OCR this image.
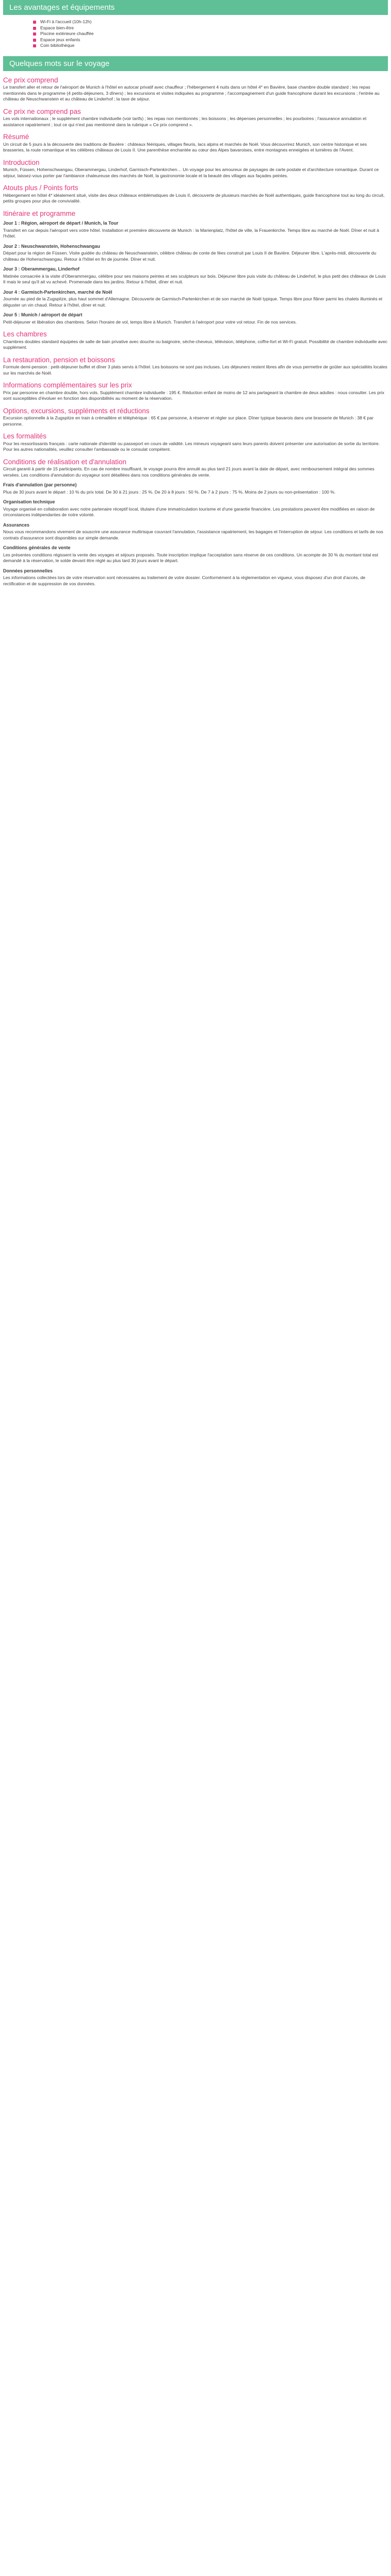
Les avantages et équipements
Wi-Fi à l'accueil (10h-12h)
Espace bien-être
Piscine extérieure chauffée
Espace jeux enfants
Coin bibliothèque
Quelques mots sur le voyage
Ce prix comprend

Le transfert aller et retour de l'aéroport de Munich à l'hôtel en autocar privatif avec chauffeur ; l'hébergement 4 nuits dans un hôtel 4* en Bavière, base chambre double standard ; les repas mentionnés dans le programme (4 petits-déjeuners, 3 dîners) ; les excursions et visites indiquées au programme ; l'accompagnement d'un guide francophone durant les excursions ; l'entrée au château de Neuschwanstein et au château de Linderhof ; la taxe de séjour.

Ce prix ne comprend pas

Les vols internationaux ; le supplément chambre individuelle (voir tarifs) ; les repas non mentionnés ; les boissons ; les dépenses personnelles ; les pourboires ; l'assurance annulation et assistance rapatriement ; tout ce qui n'est pas mentionné dans la rubrique « Ce prix comprend ».

Résumé

Un circuit de 5 jours à la découverte des traditions de Bavière : châteaux féériques, villages fleuris, lacs alpins et marchés de Noël. Vous découvrirez Munich, son centre historique et ses brasseries, la route romantique et les célèbres châteaux de Louis II. Une parenthèse enchantée au cœur des Alpes bavaroises, entre montagnes enneigées et lumières de l'Avent.

Introduction

Munich, Füssen, Hohenschwangau, Oberammergau, Linderhof, Garmisch-Partenkirchen… Un voyage pour les amoureux de paysages de carte postale et d'architecture romantique. Durant ce séjour, laissez-vous porter par l'ambiance chaleureuse des marchés de Noël, la gastronomie locale et la beauté des villages aux façades peintes.

Atouts plus / Points forts

Hébergement en hôtel 4* idéalement situé, visite des deux châteaux emblématiques de Louis II, découverte de plusieurs marchés de Noël authentiques, guide francophone tout au long du circuit, petits groupes pour plus de convivialité.

Itinéraire et programme
Jour 1 : Région, aéroport de départ / Munich, la Tour

Transfert en car depuis l'aéroport vers votre hôtel. Installation et première découverte de Munich : la Marienplatz, l'hôtel de ville, la Frauenkirche. Temps libre au marché de Noël. Dîner et nuit à l'hôtel.

Jour 2 : Neuschwanstein, Hohenschwangau

Départ pour la région de Füssen. Visite guidée du château de Neuschwanstein, célèbre château de conte de fées construit par Louis II de Bavière. Déjeuner libre. L'après-midi, découverte du château de Hohenschwangau. Retour à l'hôtel en fin de journée. Dîner et nuit.

Jour 3 : Oberammergau, Linderhof

Matinée consacrée à la visite d'Oberammergau, célèbre pour ses maisons peintes et ses sculpteurs sur bois. Déjeuner libre puis visite du château de Linderhof, le plus petit des châteaux de Louis II mais le seul qu'il ait vu achevé. Promenade dans les jardins. Retour à l'hôtel, dîner et nuit.

Jour 4 : Garmisch-Partenkirchen, marché de Noël

Journée au pied de la Zugspitze, plus haut sommet d'Allemagne. Découverte de Garmisch-Partenkirchen et de son marché de Noël typique. Temps libre pour flâner parmi les chalets illuminés et déguster un vin chaud. Retour à l'hôtel, dîner et nuit.

Jour 5 : Munich / aéroport de départ

Petit-déjeuner et libération des chambres. Selon l'horaire de vol, temps libre à Munich. Transfert à l'aéroport pour votre vol retour. Fin de nos services.

Les chambres

Chambres doubles standard équipées de salle de bain privative avec douche ou baignoire, sèche-cheveux, télévision, téléphone, coffre-fort et Wi-Fi gratuit. Possibilité de chambre individuelle avec supplément.

La restauration, pension et boissons

Formule demi-pension : petit-déjeuner buffet et dîner 3 plats servis à l'hôtel. Les boissons ne sont pas incluses. Les déjeuners restent libres afin de vous permettre de goûter aux spécialités locales sur les marchés de Noël.

Informations complémentaires sur les prix

Prix par personne en chambre double, hors vols. Supplément chambre individuelle : 195 €. Réduction enfant de moins de 12 ans partageant la chambre de deux adultes : nous consulter. Les prix sont susceptibles d'évoluer en fonction des disponibilités au moment de la réservation.

Options, excursions, suppléments et réductions

Excursion optionnelle à la Zugspitze en train à crémaillère et téléphérique : 65 € par personne, à réserver et régler sur place. Dîner typique bavarois dans une brasserie de Munich : 38 € par personne.

Les formalités

Pour les ressortissants français : carte nationale d'identité ou passeport en cours de validité. Les mineurs voyageant sans leurs parents doivent présenter une autorisation de sortie du territoire. Pour les autres nationalités, veuillez consulter l'ambassade ou le consulat compétent.

Conditions de réalisation et d'annulation

Circuit garanti à partir de 15 participants. En cas de nombre insuffisant, le voyage pourra être annulé au plus tard 21 jours avant la date de départ, avec remboursement intégral des sommes versées. Les conditions d'annulation du voyageur sont détaillées dans nos conditions générales de vente.

Frais d'annulation (par personne)

Plus de 30 jours avant le départ : 10 % du prix total. De 30 à 21 jours : 25 %. De 20 à 8 jours : 50 %. De 7 à 2 jours : 75 %. Moins de 2 jours ou non-présentation : 100 %.

Organisation technique

Voyage organisé en collaboration avec notre partenaire réceptif local, titulaire d'une immatriculation tourisme et d'une garantie financière. Les prestations peuvent être modifiées en raison de circonstances indépendantes de notre volonté.

Assurances

Nous vous recommandons vivement de souscrire une assurance multirisque couvrant l'annulation, l'assistance rapatriement, les bagages et l'interruption de séjour. Les conditions et tarifs de nos contrats d'assurance sont disponibles sur simple demande.

Conditions générales de vente

Les présentes conditions régissent la vente des voyages et séjours proposés. Toute inscription implique l'acceptation sans réserve de ces conditions. Un acompte de 30 % du montant total est demandé à la réservation, le solde devant être réglé au plus tard 30 jours avant le départ.

Données personnelles

Les informations collectées lors de votre réservation sont nécessaires au traitement de votre dossier. Conformément à la réglementation en vigueur, vous disposez d'un droit d'accès, de rectification et de suppression de vos données.
